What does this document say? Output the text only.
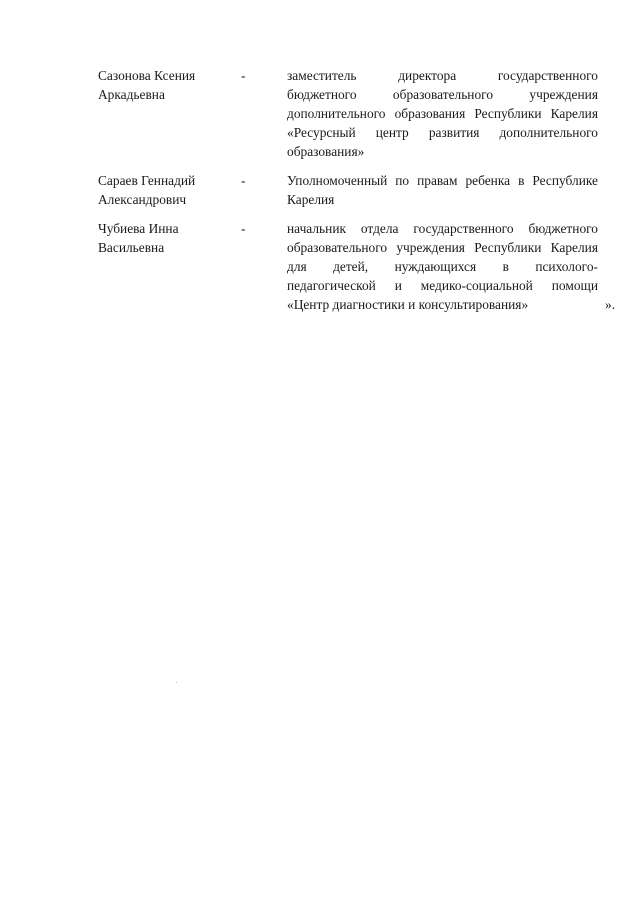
Сазонова Ксения
Аркадьевна
-	заместитель директора государственного
бюджетного образовательного учреждения
дополнительного образования Республики Карелия
«Ресурсный центр развития дополнительного
образования»
Сараев Геннадий
Александрович
-	Уполномоченный по правам ребенка в Республике
Карелия
Чубиева Инна
Васильевна
-	начальник отдела государственного бюджетного
образовательного учреждения Республики Карелия
для детей, нуждающихся в психолого-
педагогической и медико-социальной помощи
«Центр диагностики и консультирования»	».
